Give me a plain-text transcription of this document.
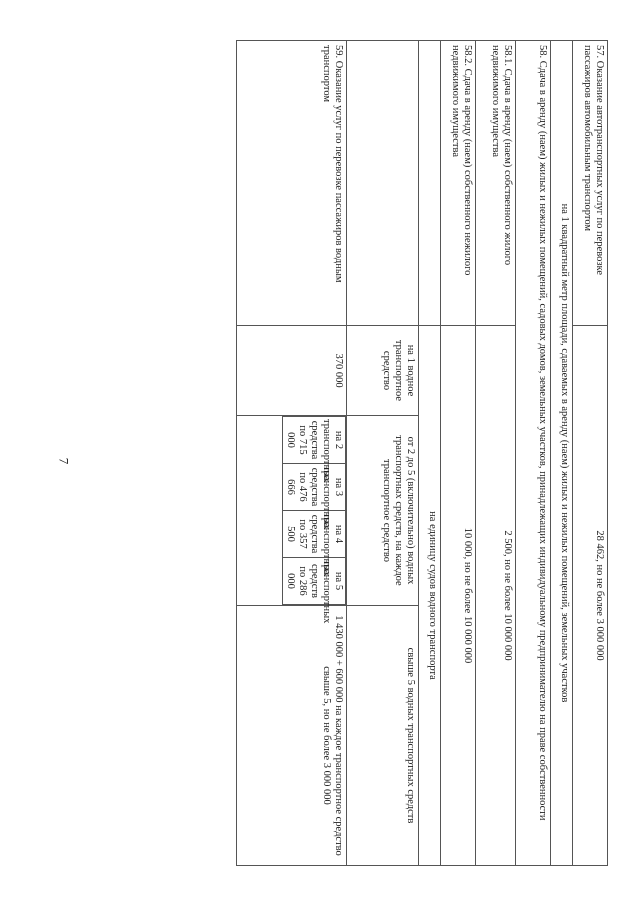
7
57. Оказание автотранспортных услуг по перевозке пассажиров автомобильным транспортом	28 462, но не более 3 000 000
на 1 квадратный метр площади, сдаваемых в аренду (наем) жилых и нежилых помещений, земельных участков
58. Сдача в аренду (наем) жилых и нежилых помещений, садовых домов, земельных участков, принадлежащих индивидуальному предпринимателю на праве собственности
58.1. Сдача в аренду (наем) собственного жилого недвижимого имущества	2 500, но не более 10 000 000
58.2. Сдача в аренду (наем) собственного нежилого недвижимого имущества	10 000, но не более 10 000 000
	на единицу судов водного транспорта
	на 1 водное транспортное средство	от 2 до 5 (включительно) водных транспортных средств, на каждое транспортное средство	свыше 5 водных транспортных средств
59. Оказание услуг по перевозке пассажиров водным транспортом	370 000	
на 2 транспортных средства по 715 000	на 3 транспортных средства по 476 666	на 4 транспортных средства по 357 500	на 5 транспортных средств по 286 000
	1 430 000 + 600 000 на каждое транспортное средство свыше 5, но не более 3 000 000
